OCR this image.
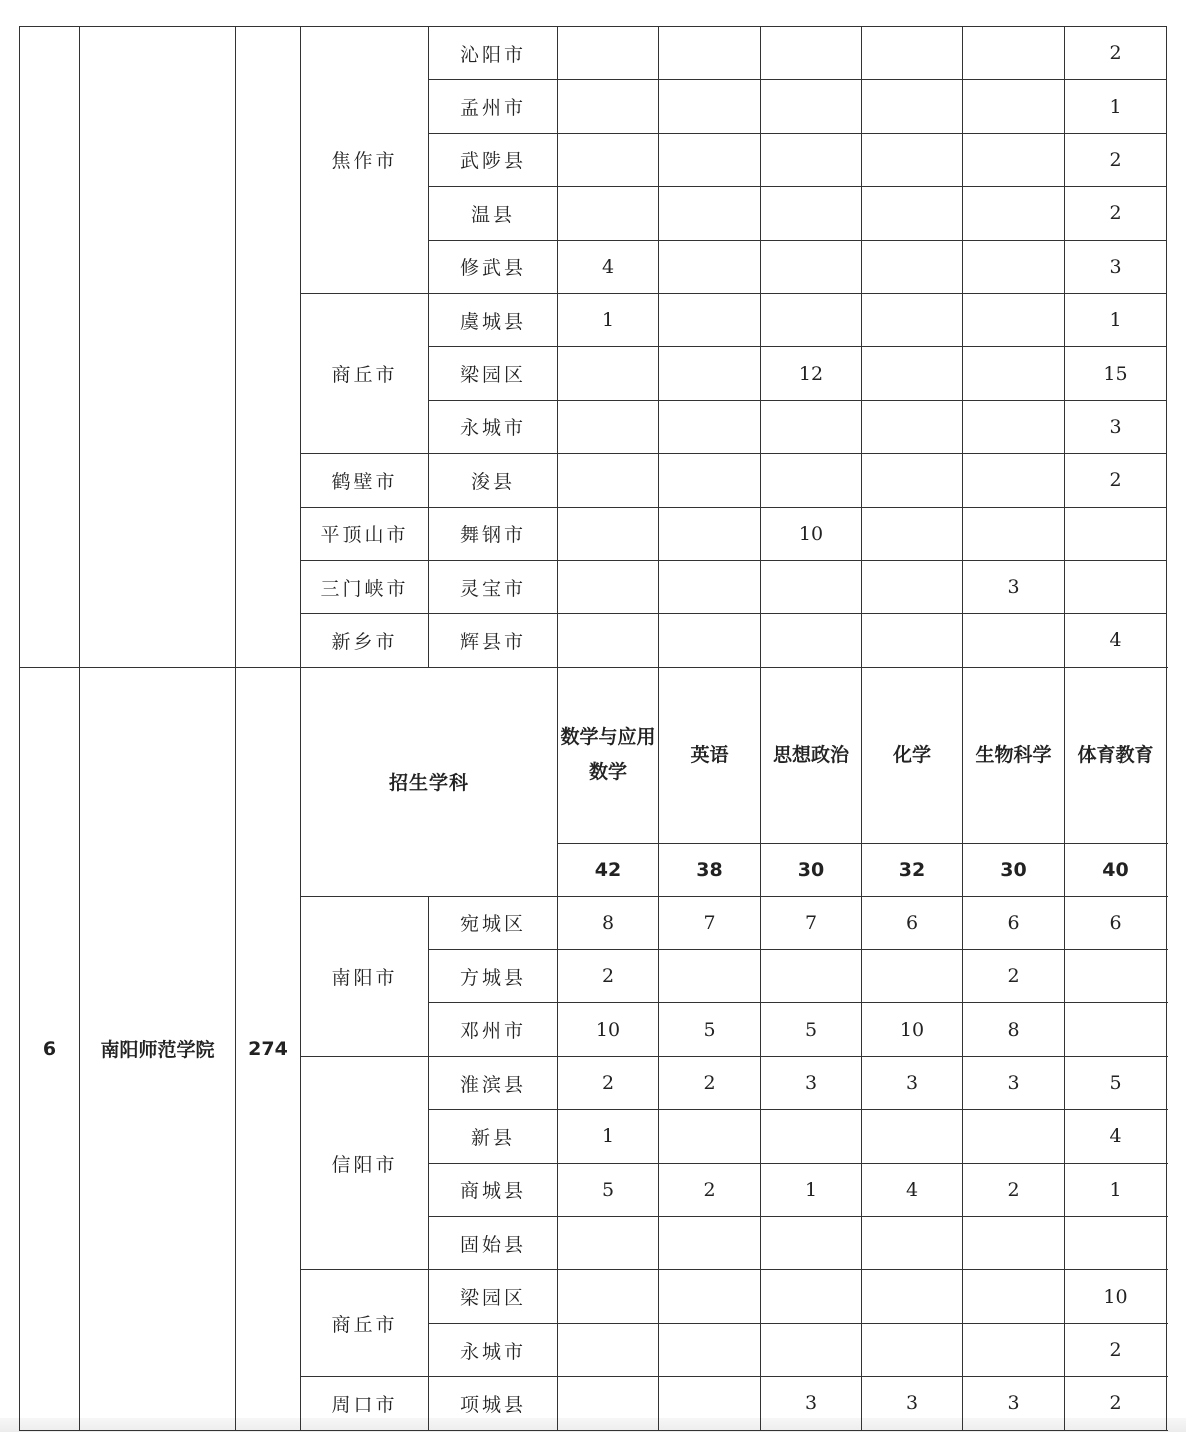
			焦作市	沁阳市						2	
				孟州市						1	
				武陟县						2	
				温县						2	
				修武县	4					3	
			商丘市	虞城县	1					1	
				梁园区			12			15	
				永城市						3	
			鹤壁市	浚县						2	
			平顶山市	舞钢市			10				
			三门峡市	灵宝市					3		
			新乡市	辉县市						4	
6	南阳师范学院	274	招生学科		数学与应用数学	英语	思想政治	化学	生物科学	体育教育		
					42	38	30	32	30	40		
			南阳市	宛城区	8	7	7	6	6	6		
				方城县	2				2			
				邓州市	10	5	5	10	8			
			信阳市	淮滨县	2	2	3	3	3	5		
				新县	1					4		
				商城县	5	2	1	4	2	1		
				固始县								
			商丘市	梁园区						10		
				永城市						2		
			周口市	项城县			3	3	3	2		
